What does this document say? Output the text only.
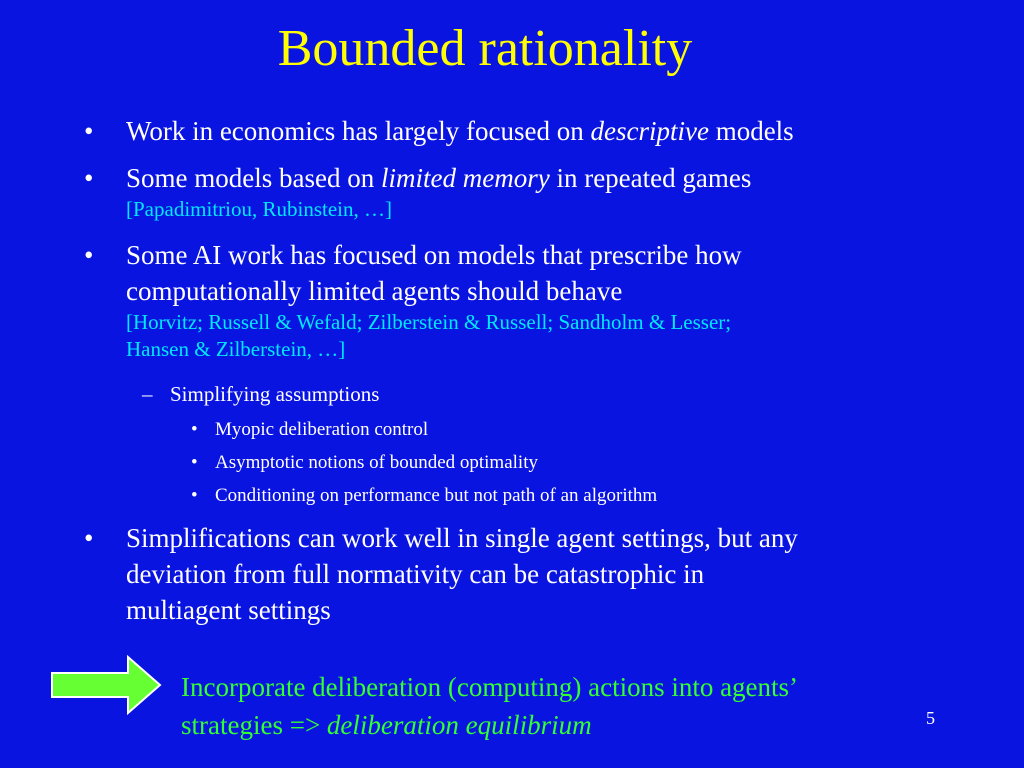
Bounded rationality
• Work in economics has largely focused on descriptive models
• Some models based on limited memory in repeated games
[Papadimitriou, Rubinstein, …]
• Some AI work has focused on models that prescribe how
computationally limited agents should behave
[Horvitz; Russell & Wefald; Zilberstein & Russell; Sandholm & Lesser;
Hansen & Zilberstein, …]
– Simplifying assumptions
• Myopic deliberation control
• Asymptotic notions of bounded optimality
• Conditioning on performance but not path of an algorithm
• Simplifications can work well in single agent settings, but any
deviation from full normativity can be catastrophic in
multiagent settings
Incorporate deliberation (computing) actions into agents’
strategies => deliberation equilibrium	5
